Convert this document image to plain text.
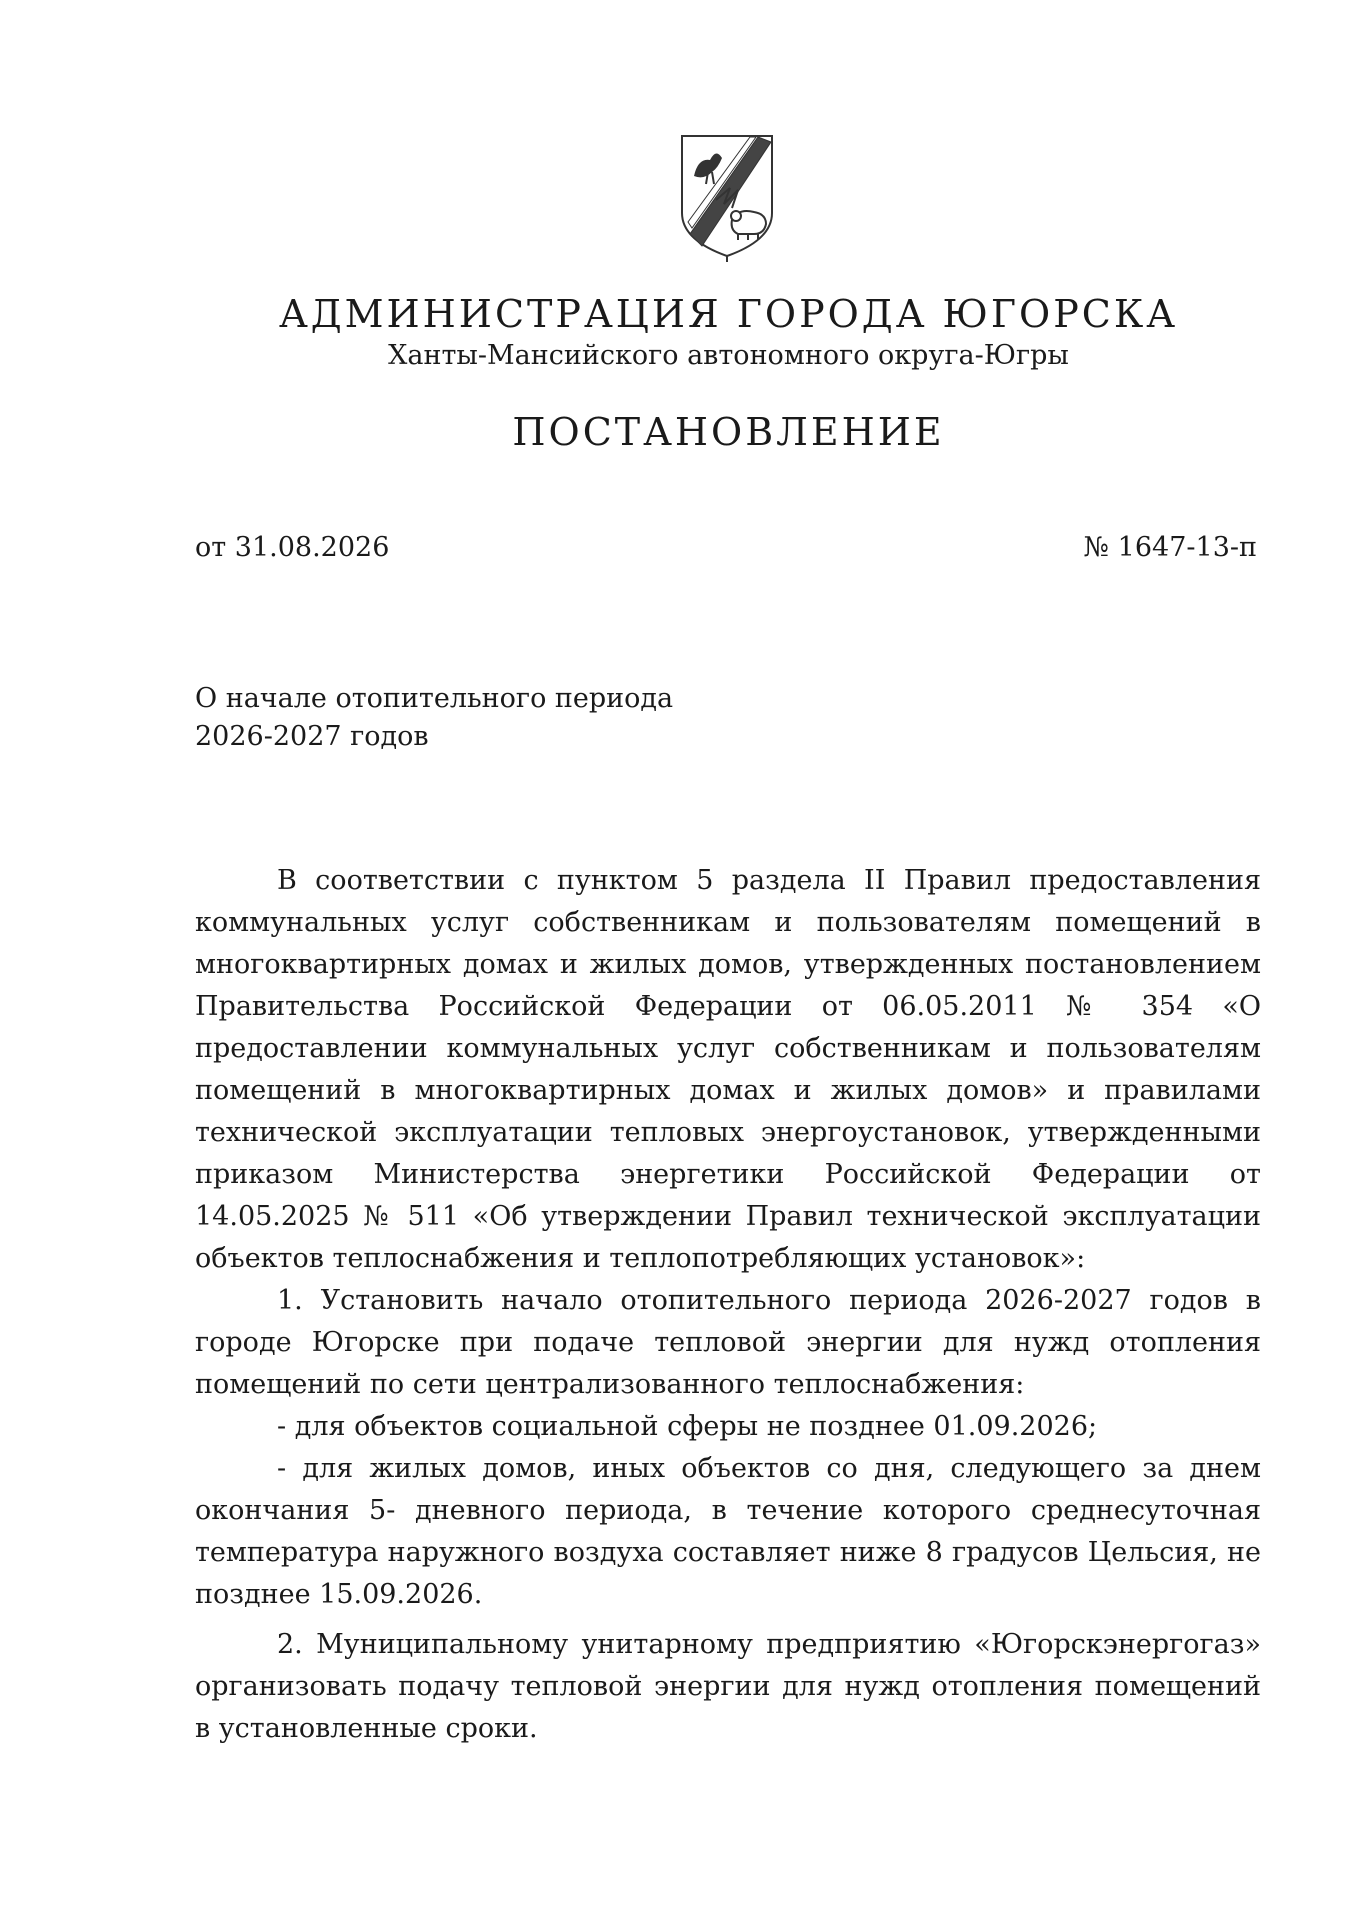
АДМИНИСТРАЦИЯ ГОРОДА ЮГОРСКА
Ханты-Мансийского автономного округа-Югры
ПОСТАНОВЛЕНИЕ
от 31.08.2026	№ 1647-13-п
О начале отопительного периода
2026-2027 годов

В соответствии с пунктом 5 раздела II Правил предоставления коммунальных услуг собственникам и пользователям помещений в многоквартирных домах и жилых домов, утвержденных постановлением Правительства Российской Федерации от 06.05.2011 № 354 «О предоставлении коммунальных услуг собственникам и пользователям помещений в многоквартирных домах и жилых домов» и правилами технической эксплуатации тепловых энергоустановок, утвержденными приказом Министерства энергетики Российской Федерации от 14.05.2025 № 511 «Об утверждении Правил технической эксплуатации объектов теплоснабжения и теплопотребляющих установок»:

1. Установить начало отопительного периода 2026-2027 годов в городе Югорске при подаче тепловой энергии для нужд отопления помещений по сети централизованного теплоснабжения:

- для объектов социальной сферы не позднее 01.09.2026;

- для жилых домов, иных объектов со дня, следующего за днем окончания 5- дневного периода, в течение которого среднесуточная температура наружного воздуха составляет ниже 8 градусов Цельсия, не позднее 15.09.2026.

2. Муниципальному унитарному предприятию «Югорскэнергогаз» организовать подачу тепловой энергии для нужд отопления помещений в установленные сроки.
